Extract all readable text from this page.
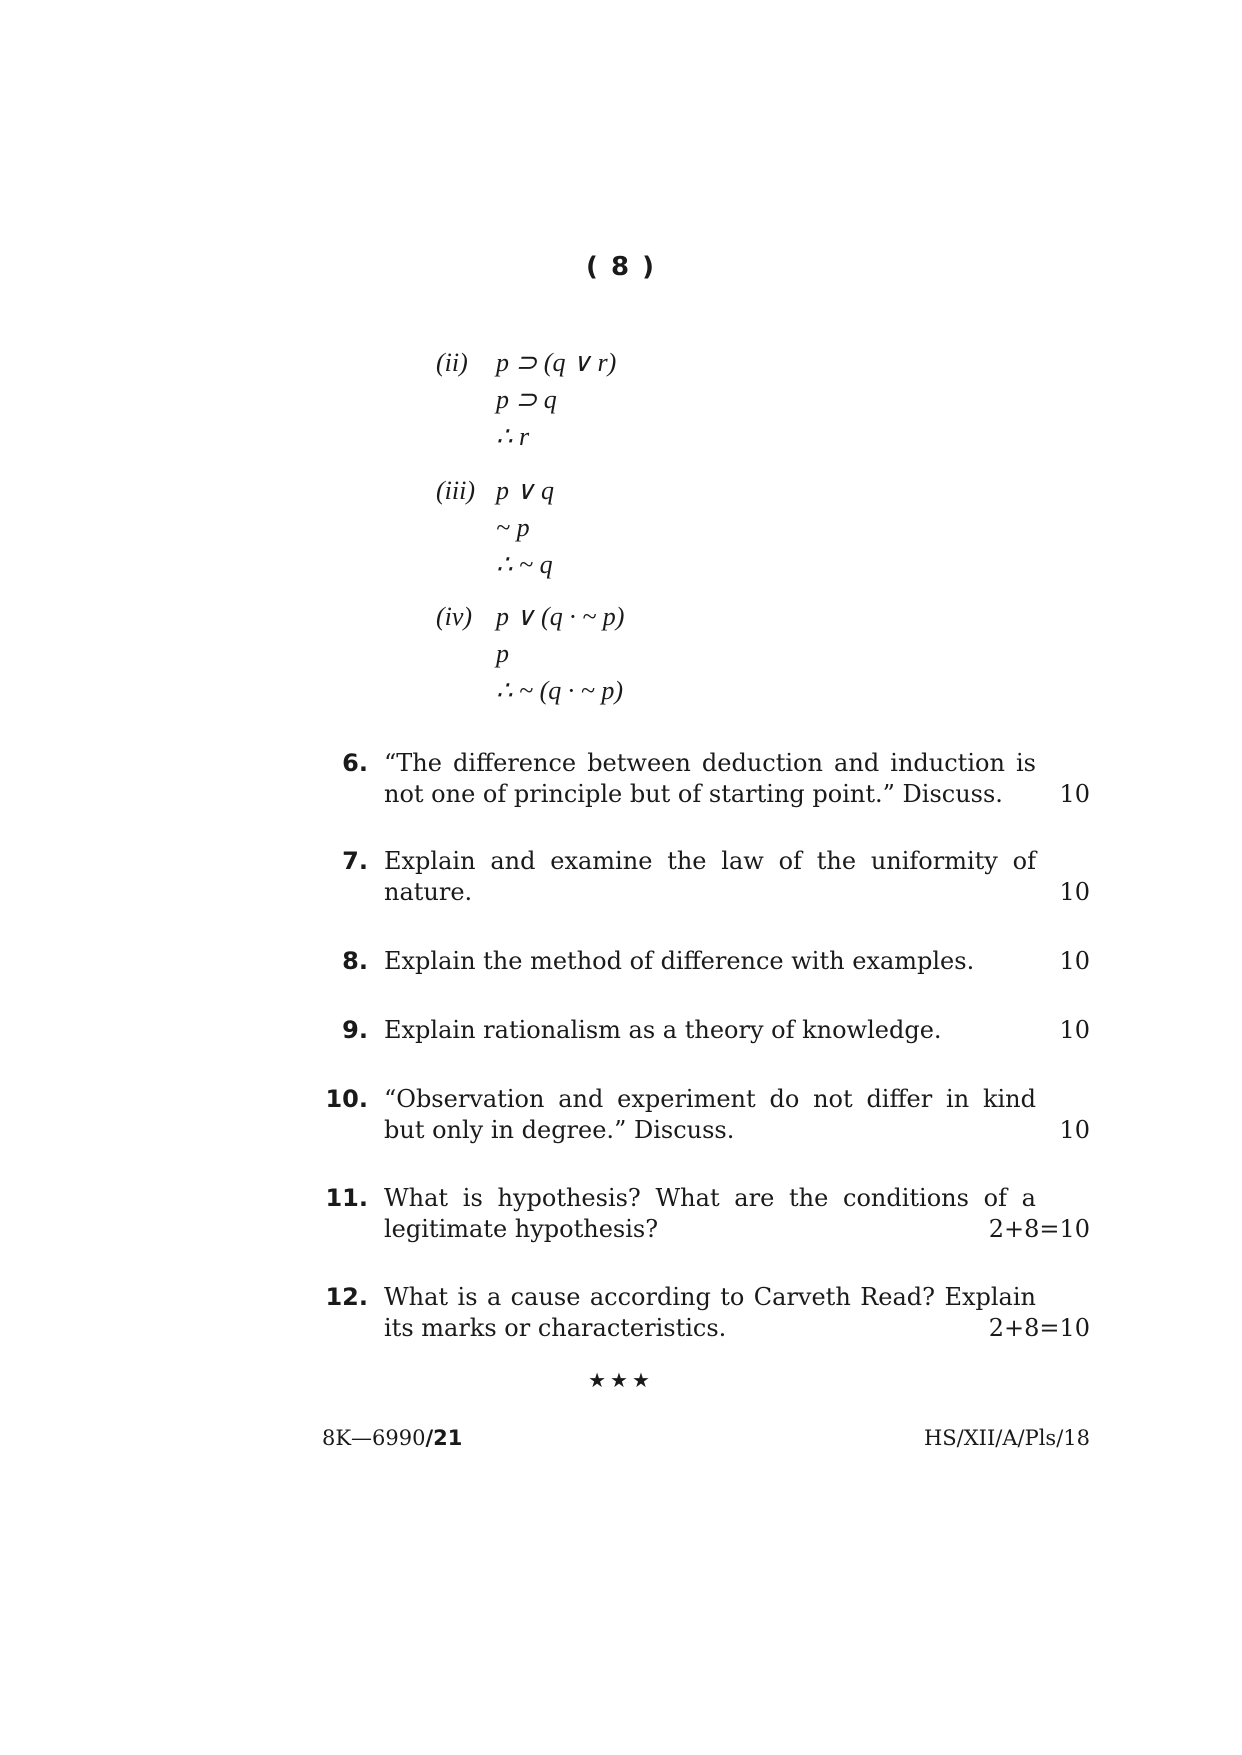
( 8 )
(ii) p ⊃ (q ∨ r)
p ⊃ q
∴ r
(iii) p ∨ q
~ p
∴ ~ q
(iv) p ∨ (q · ~ p)
p
∴ ~ (q · ~ p)
6. “The difference between deduction and induction is
not one of principle but of starting point.” Discuss.	10
7. Explain and examine the law of the uniformity of
nature.	10
8. Explain the method of difference with examples.	10
9. Explain rationalism as a theory of knowledge.	10
10. “Observation and experiment do not differ in kind
but only in degree.” Discuss.	10
11. What is hypothesis? What are the conditions of a
legitimate hypothesis?	2+8=10
12. What is a cause according to Carveth Read? Explain
its marks or characteristics.	2+8=10
★★★
8K—6990/21	HS/XII/A/Pls/18
